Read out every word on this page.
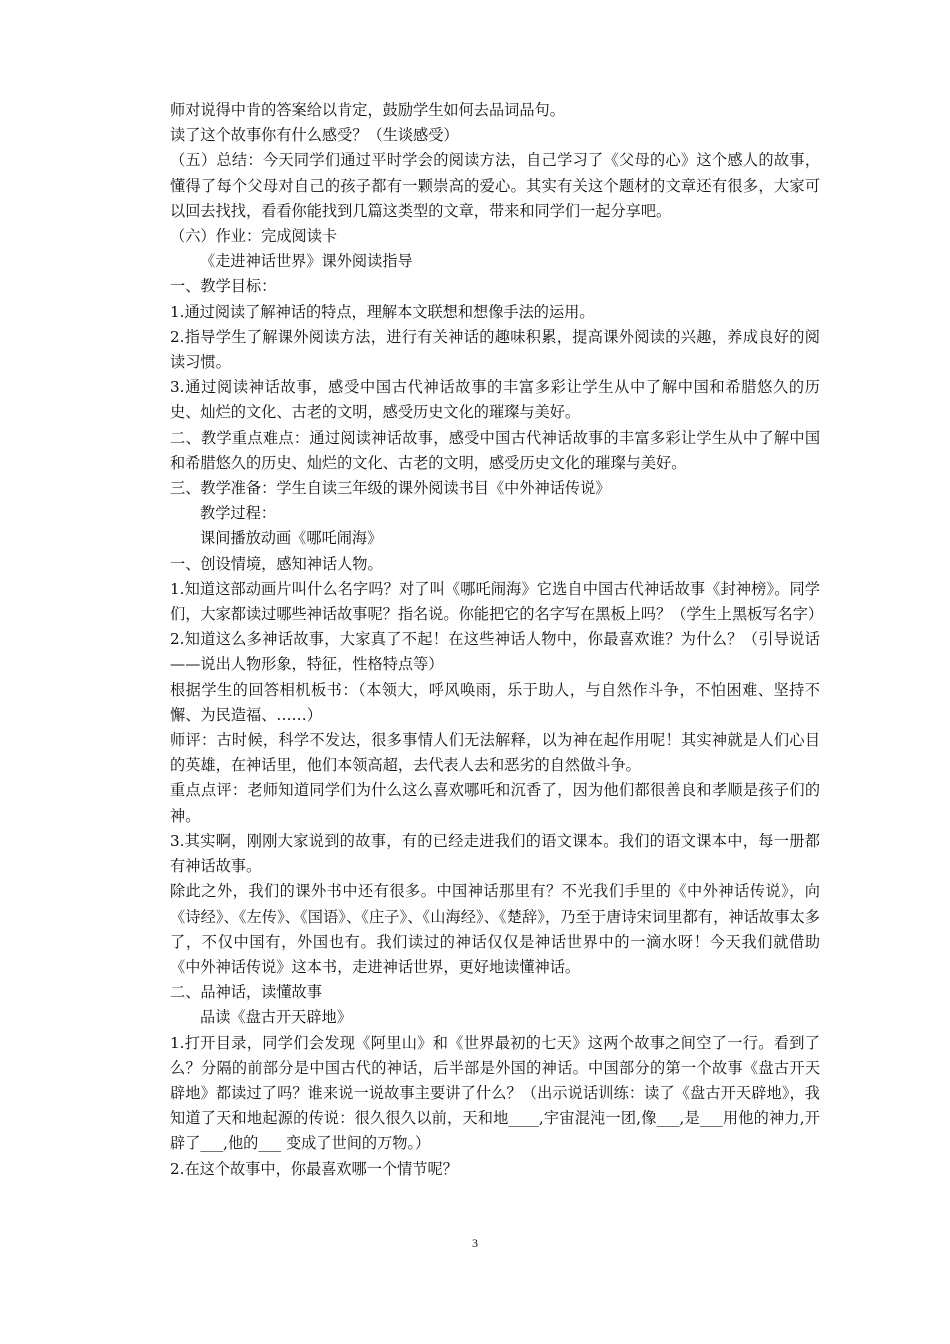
师对说得中肯的答案给以肯定，鼓励学生如何去品词品句。

读了这个故事你有什么感受？（生谈感受）

（五）总结：今天同学们通过平时学会的阅读方法，自己学习了《父母的心》这个感人的故事，懂得了每个父母对自己的孩子都有一颗崇高的爱心。其实有关这个题材的文章还有很多，大家可以回去找找，看看你能找到几篇这类型的文章，带来和同学们一起分享吧。

（六）作业：完成阅读卡

《走进神话世界》课外阅读指导

一、教学目标：

1.通过阅读了解神话的特点，理解本文联想和想像手法的运用。

2.指导学生了解课外阅读方法，进行有关神话的趣味积累，提高课外阅读的兴趣，养成良好的阅读习惯。

3.通过阅读神话故事，感受中国古代神话故事的丰富多彩让学生从中了解中国和希腊悠久的历史、灿烂的文化、古老的文明，感受历史文化的璀璨与美好。

二、教学重点难点：通过阅读神话故事，感受中国古代神话故事的丰富多彩让学生从中了解中国和希腊悠久的历史、灿烂的文化、古老的文明，感受历史文化的璀璨与美好。

三、教学准备：学生自读三年级的课外阅读书目《中外神话传说》

教学过程：

课间播放动画《哪吒闹海》

一、创设情境，感知神话人物。

1.知道这部动画片叫什么名字吗？对了叫《哪吒闹海》它选自中国古代神话故事《封神榜》。同学们，大家都读过哪些神话故事呢？指名说。你能把它的名字写在黑板上吗？（学生上黑板写名字）

2.知道这么多神话故事，大家真了不起！在这些神话人物中，你最喜欢谁？为什么？（引导说话——说出人物形象，特征，性格特点等）

根据学生的回答相机板书：（本领大，呼风唤雨，乐于助人，与自然作斗争，不怕困难、坚持不懈、为民造福、……）

师评：古时候，科学不发达，很多事情人们无法解释，以为神在起作用呢！其实神就是人们心目的英雄，在神话里，他们本领高超，去代表人去和恶劣的自然做斗争。

重点点评：老师知道同学们为什么这么喜欢哪吒和沉香了，因为他们都很善良和孝顺是孩子们的神。

3.其实啊，刚刚大家说到的故事，有的已经走进我们的语文课本。我们的语文课本中，每一册都有神话故事。

除此之外，我们的课外书中还有很多。中国神话那里有？不光我们手里的《中外神话传说》，向《诗经》、《左传》、《国语》、《庄子》、《山海经》、《楚辞》，乃至于唐诗宋词里都有，神话故事太多了，不仅中国有，外国也有。我们读过的神话仅仅是神话世界中的一滴水呀！今天我们就借助《中外神话传说》这本书，走进神话世界，更好地读懂神话。

二、品神话，读懂故事

品读《盘古开天辟地》

1.打开目录，同学们会发现《阿里山》和《世界最初的七天》这两个故事之间空了一行。看到了么？分隔的前部分是中国古代的神话，后半部是外国的神话。中国部分的第一个故事《盘古开天辟地》都读过了吗？谁来说一说故事主要讲了什么？（出示说话训练：读了《盘古开天辟地》，我知道了天和地起源的传说：很久很久以前，天和地____,宇宙混沌一团,像___,是___用他的神力,开辟了___,他的___ 变成了世间的万物。）

2.在这个故事中，你最喜欢哪一个情节呢？

3
